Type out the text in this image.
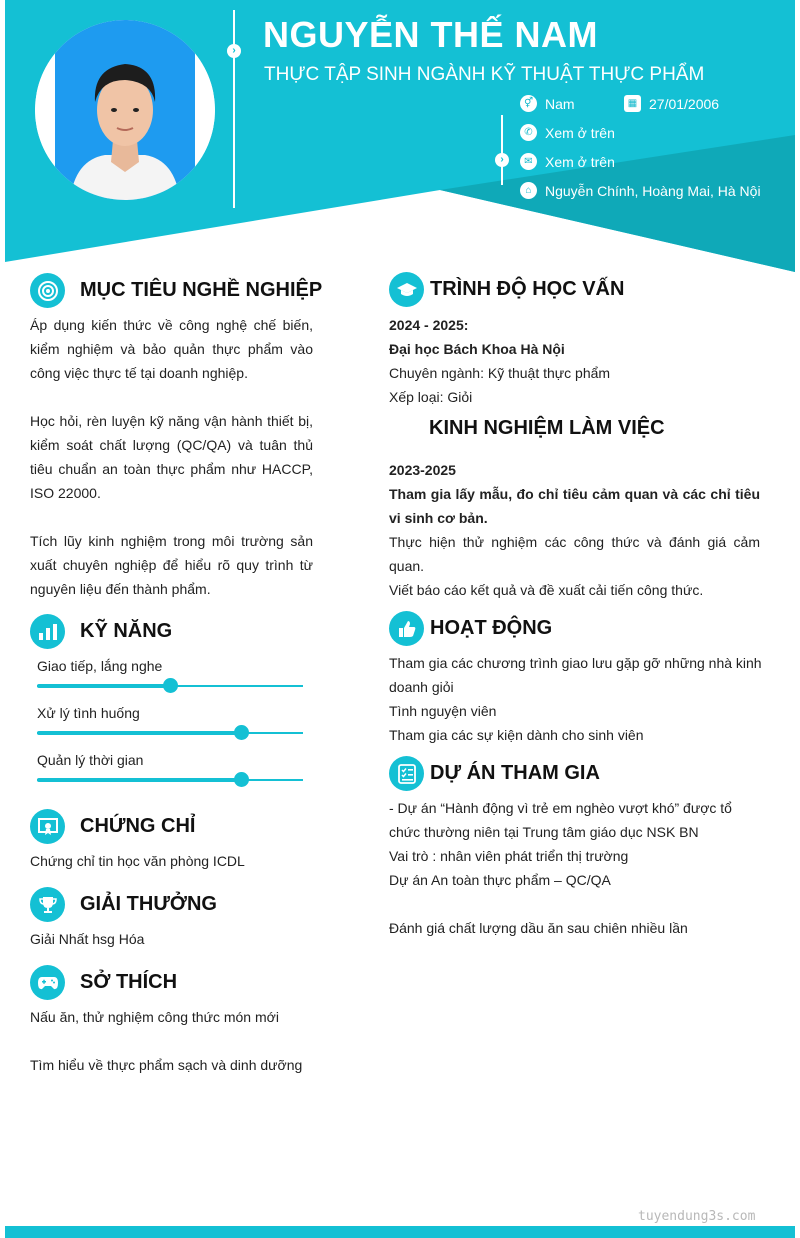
›
›
NGUYỄN THẾ NAM
THỰC TẬP SINH NGÀNH KỸ THUẬT THỰC PHẨM
⚥ Nam	▦ 27/01/2006
✆ Xem ở trên
✉ Xem ở trên
⌂ Nguyễn Chính, Hoàng Mai, Hà Nội
MỤC TIÊU NGHỀ NGHIỆP
Áp dụng kiến thức về công nghệ chế biến, kiểm nghiệm và bảo quản thực phẩm vào công việc thực tế tại doanh nghiệp.
Học hỏi, rèn luyện kỹ năng vận hành thiết bị, kiểm soát chất lượng (QC/QA) và tuân thủ tiêu chuẩn an toàn thực phẩm như HACCP, ISO 22000.
Tích lũy kinh nghiệm trong môi trường sản xuất chuyên nghiệp để hiểu rõ quy trình từ nguyên liệu đến thành phẩm.
KỸ NĂNG
Giao tiếp, lắng nghe
Xử lý tình huống
Quản lý thời gian
CHỨNG CHỈ
Chứng chỉ tin học văn phòng ICDL
GIẢI THƯỞNG
Giải Nhất hsg Hóa
SỞ THÍCH
Nấu ăn, thử nghiệm công thức món mới
Tìm hiểu về thực phẩm sạch và dinh dưỡng
TRÌNH ĐỘ HỌC VẤN
2024 - 2025:
Đại học Bách Khoa Hà Nội
Chuyên ngành: Kỹ thuật thực phẩm
Xếp loại: Giỏi
KINH NGHIỆM LÀM VIỆC
2023-2025
Tham gia lấy mẫu, đo chỉ tiêu cảm quan và các chỉ tiêu vi sinh cơ bản.
Thực hiện thử nghiệm các công thức và đánh giá cảm quan.
Viết báo cáo kết quả và đề xuất cải tiến công thức.
HOẠT ĐỘNG
Tham gia các chương trình giao lưu gặp gỡ những nhà kinh doanh giỏi
Tình nguyện viên
Tham gia các sự kiện dành cho sinh viên
DỰ ÁN THAM GIA
- Dự án “Hành động vì trẻ em nghèo vượt khó” được tổ chức thường niên tại Trung tâm giáo dục NSK BN
Vai trò : nhân viên phát triển thị trường
Dự án An toàn thực phẩm – QC/QA
Đánh giá chất lượng dầu ăn sau chiên nhiều lần
tuyendung3s.com
